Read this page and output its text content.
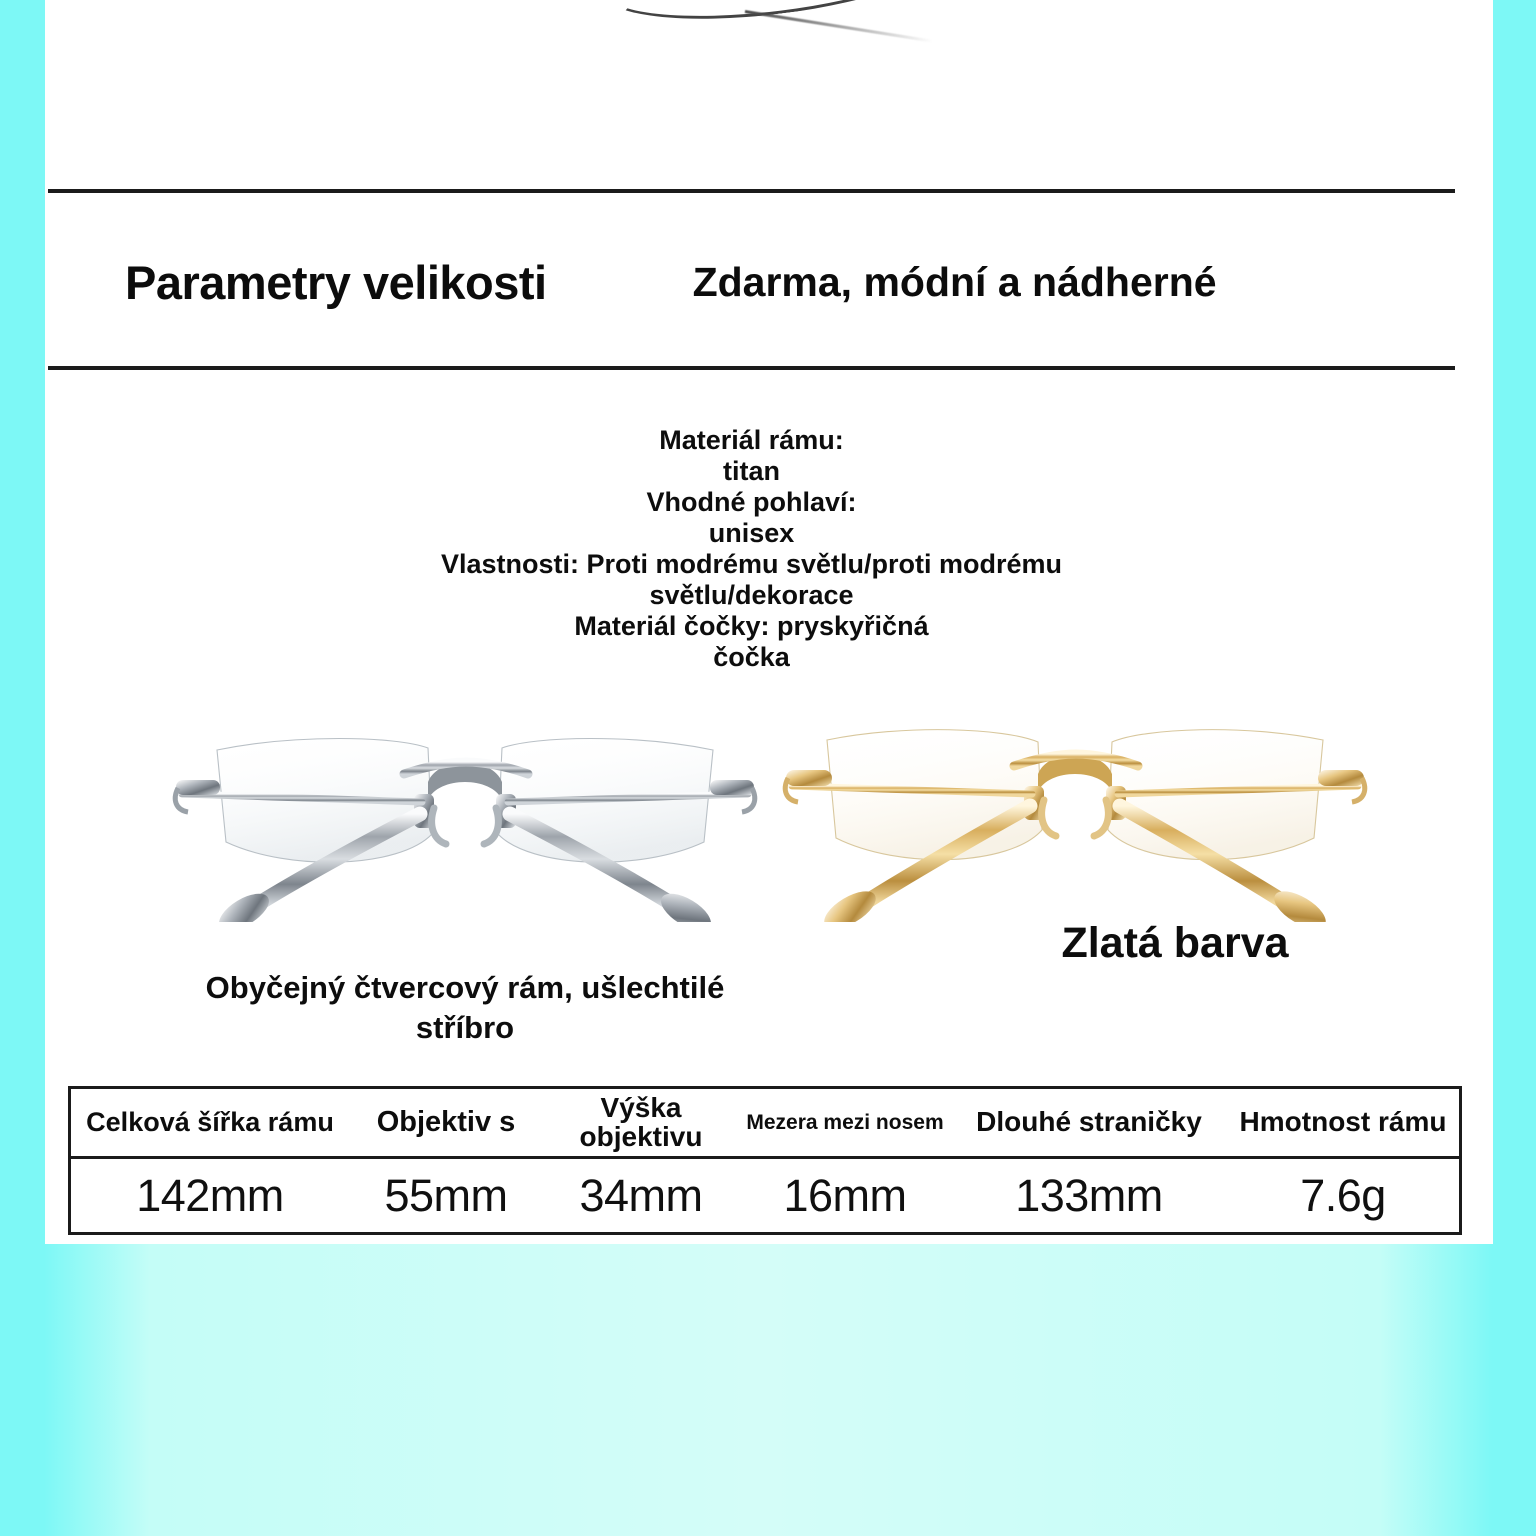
Parametry velikosti	Zdarma, módní a nádherné
Materiál rámu:
titan
Vhodné pohlaví:
unisex
Vlastnosti: Proti modrému světlu/proti modrému
světlu/dekorace
Materiál čočky: pryskyřičná
čočka
Obyčejný čtvercový rám, ušlechtilé stříbro
Zlatá barva
Celková šířka rámu	Objektiv s	Výška objektivu	Mezera mezi nosem	Dlouhé straničky	Hmotnost rámu
142mm	55mm	34mm	16mm	133mm	7.6g
